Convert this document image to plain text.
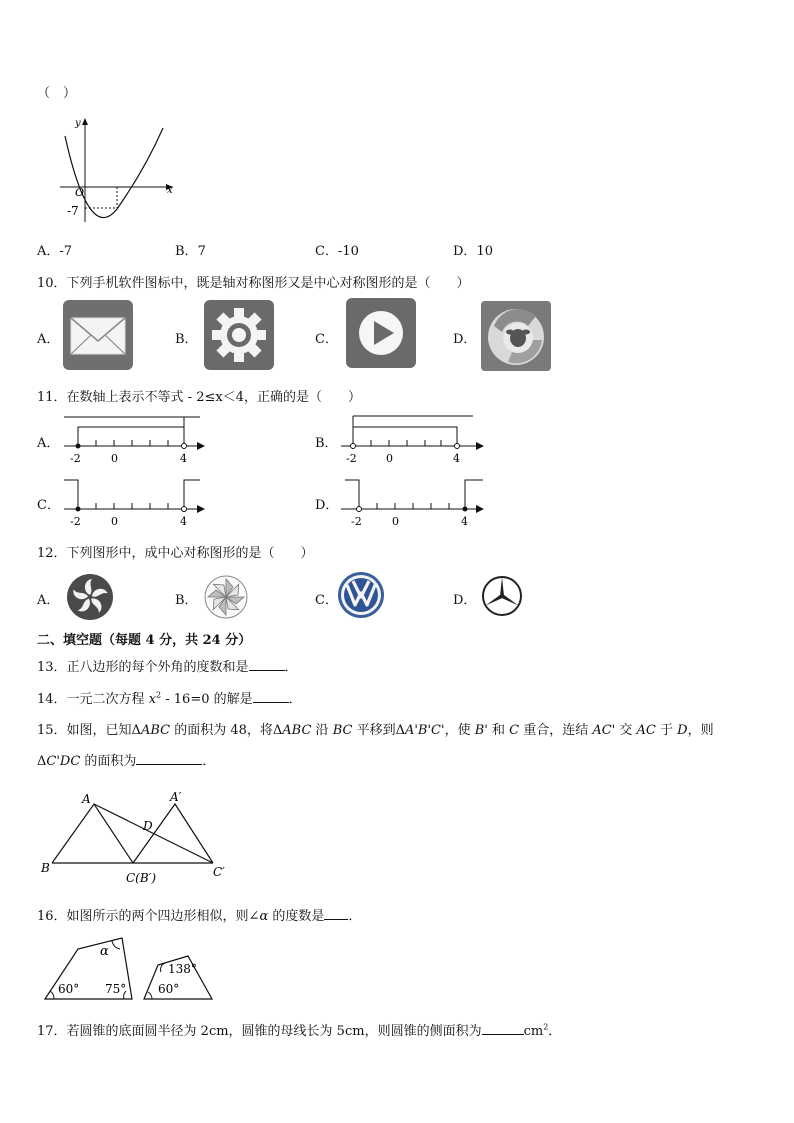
（　）
y
x
O
-7
A．-7	B．7	C．-10	D．10
10．下列手机软件图标中，既是轴对称图形又是中心对称图形的是（　　）
A．	B．	C．	D．
11．在数轴上表示不等式 - 2≤x＜4，正确的是（　　）
A．
-2	0	4
B．
-2	0	4
C．
-2	0	4
D．
-2	0	4
12．下列图形中，成中心对称图形的是（　　）
A．	B．	C．	D．
二、填空题（每题 4 分，共 24 分）
13．正八边形的每个外角的度数和是	．
14．一元二次方程 $x^2 - 16=0$ 的解是	．
15．如图，已知ΔABC 的面积为 48，将ΔABC 沿 BC 平移到ΔA'B'C'，使 B' 和 C 重合，连结 AC' 交 AC 于 D，则
ΔC'DC 的面积为	．
A	A′
D
B
C(B′)	C′
16．如图所示的两个四边形相似，则∠α 的度数是 ．
α
60° 75°
138°
60°
17．若圆锥的底面圆半径为 2cm，圆锥的母线长为 5cm，则圆锥的侧面积为	$cm^2$．
